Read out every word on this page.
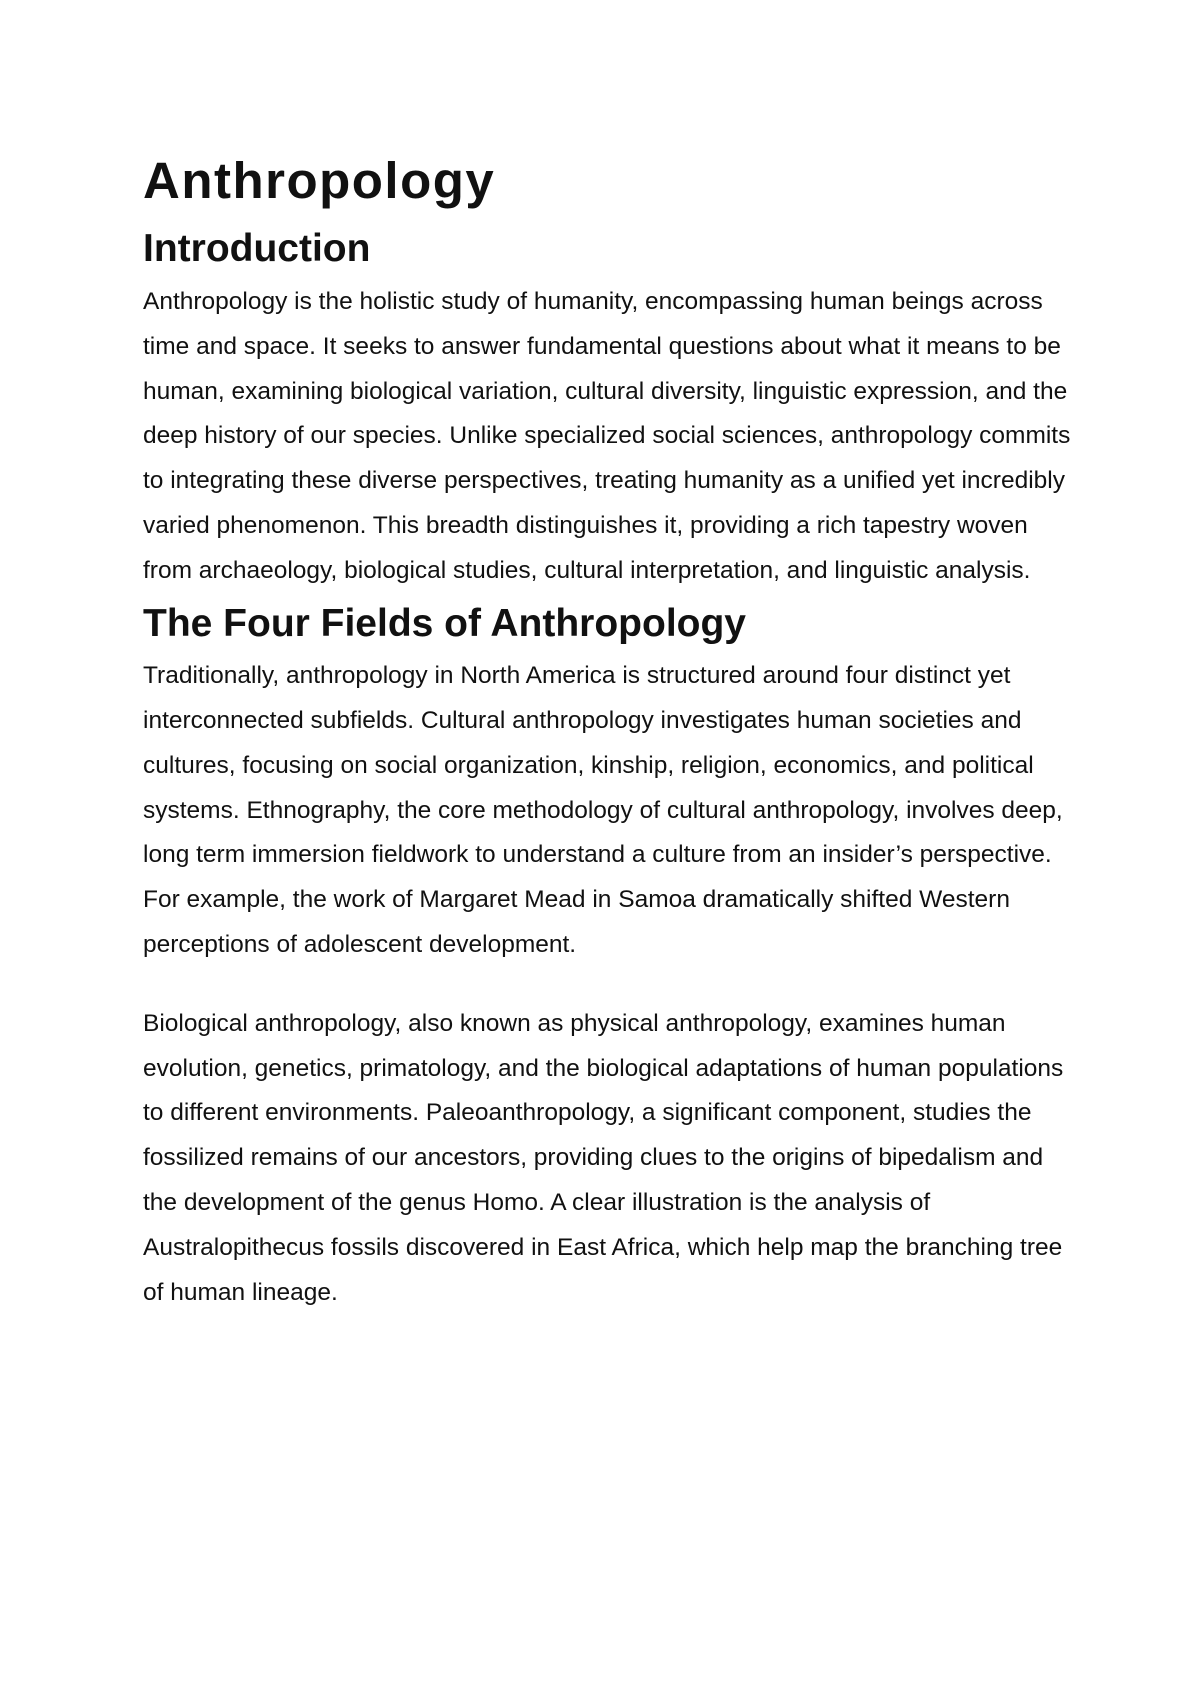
Anthropology
Introduction

Anthropology is the holistic study of humanity, encompassing human beings across time and space. It seeks to answer fundamental questions about what it means to be human, examining biological variation, cultural diversity, linguistic expression, and the deep history of our species. Unlike specialized social sciences, anthropology commits to integrating these diverse perspectives, treating humanity as a unified yet incredibly varied phenomenon. This breadth distinguishes it, providing a rich tapestry woven from archaeology, biological studies, cultural interpretation, and linguistic analysis.

The Four Fields of Anthropology

Traditionally, anthropology in North America is structured around four distinct yet interconnected subfields. Cultural anthropology investigates human societies and cultures, focusing on social organization, kinship, religion, economics, and political systems. Ethnography, the core methodology of cultural anthropology, involves deep, long term immersion fieldwork to understand a culture from an insider’s perspective. For example, the work of Margaret Mead in Samoa dramatically shifted Western perceptions of adolescent development.

Biological anthropology, also known as physical anthropology, examines human evolution, genetics, primatology, and the biological adaptations of human populations to different environments. Paleoanthropology, a significant component, studies the fossilized remains of our ancestors, providing clues to the origins of bipedalism and the development of the genus Homo. A clear illustration is the analysis of Australopithecus fossils discovered in East Africa, which help map the branching tree of human lineage.
